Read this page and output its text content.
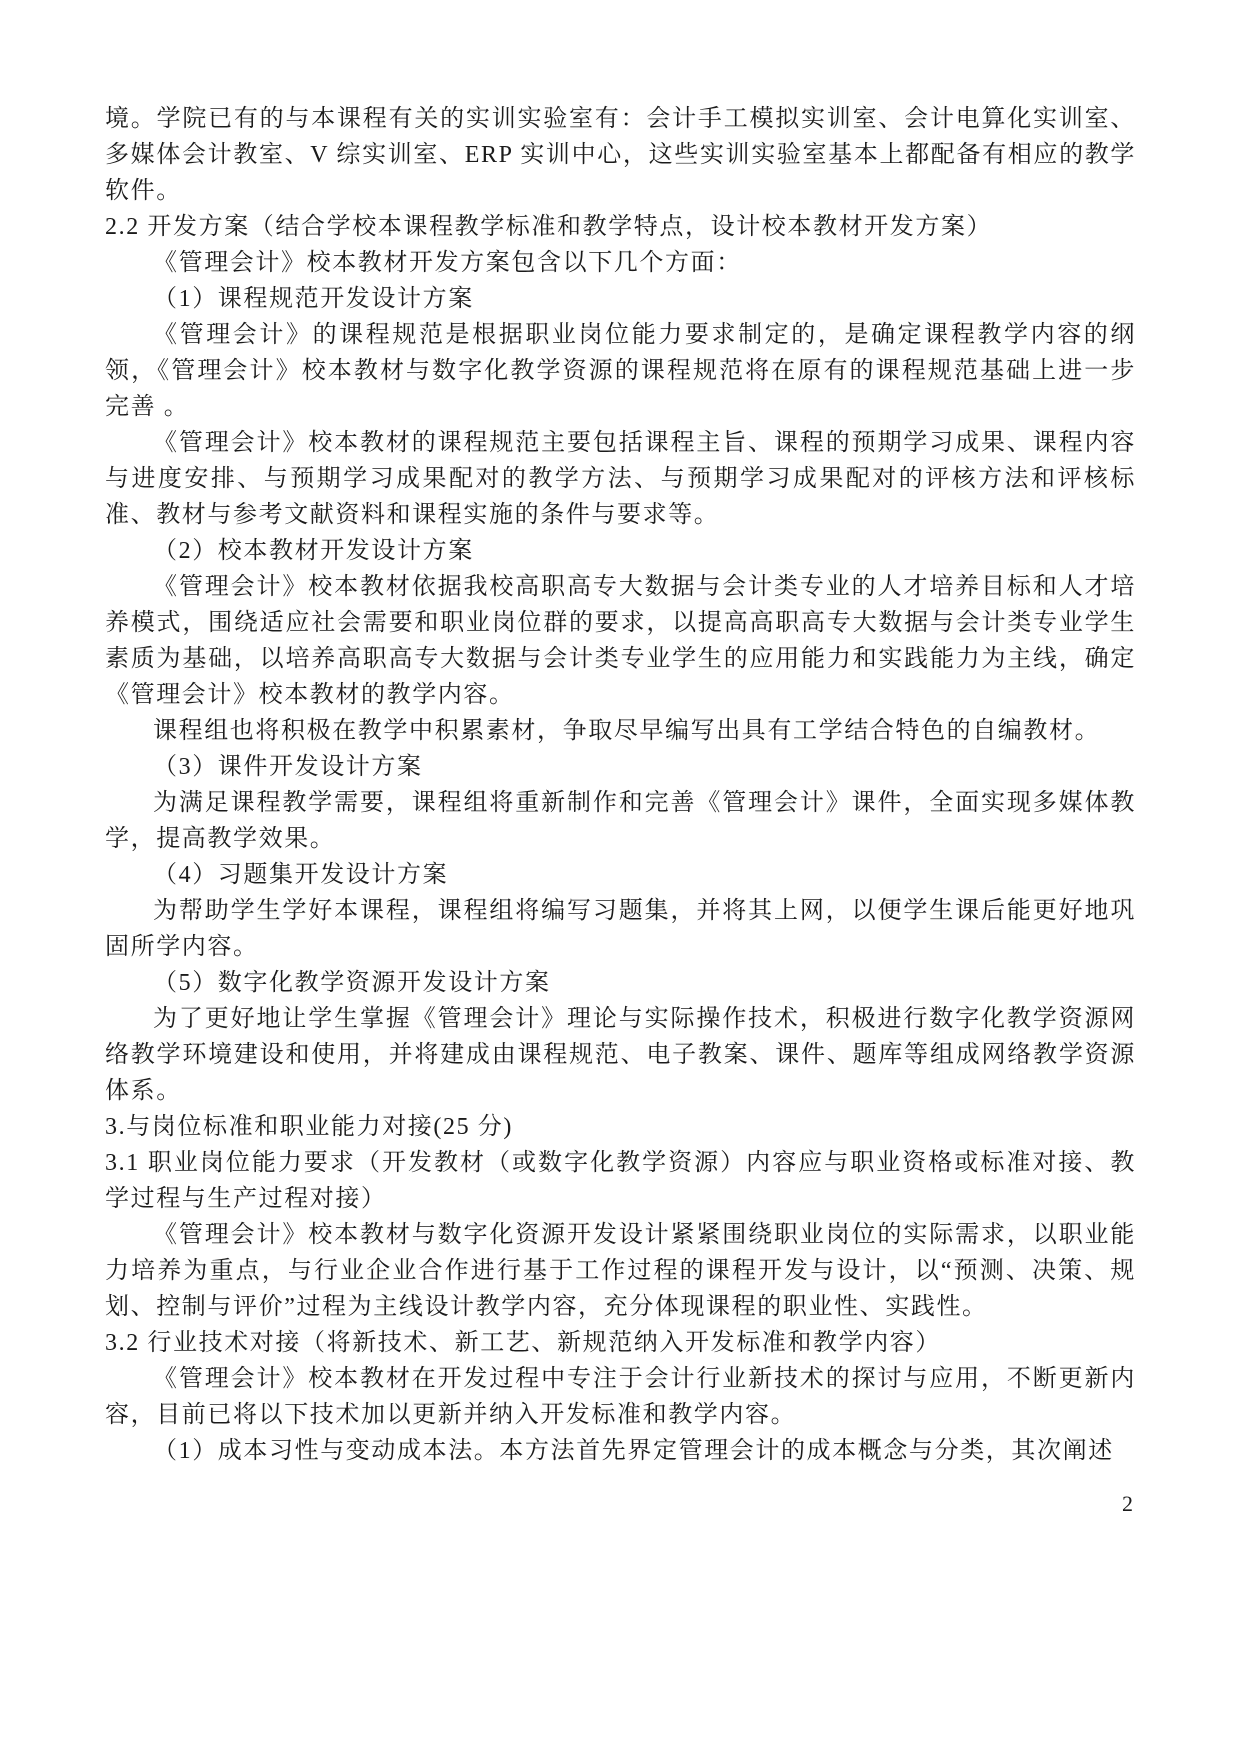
境。学院已有的与本课程有关的实训实验室有：会计手工模拟实训室、会计电算化实训室、多媒体会计教室、V 综实训室、ERP 实训中心，这些实训实验室基本上都配备有相应的教学软件。

2.2 开发方案（结合学校本课程教学标准和教学特点，设计校本教材开发方案）

《管理会计》校本教材开发方案包含以下几个方面：

（1）课程规范开发设计方案

《管理会计》的课程规范是根据职业岗位能力要求制定的，是确定课程教学内容的纲领，《管理会计》校本教材与数字化教学资源的课程规范将在原有的课程规范基础上进一步完善 。

《管理会计》校本教材的课程规范主要包括课程主旨、课程的预期学习成果、课程内容与进度安排、与预期学习成果配对的教学方法、与预期学习成果配对的评核方法和评核标准、教材与参考文献资料和课程实施的条件与要求等。

（2）校本教材开发设计方案

《管理会计》校本教材依据我校高职高专大数据与会计类专业的人才培养目标和人才培养模式，围绕适应社会需要和职业岗位群的要求，以提高高职高专大数据与会计类专业学生素质为基础，以培养高职高专大数据与会计类专业学生的应用能力和实践能力为主线，确定《管理会计》校本教材的教学内容。

课程组也将积极在教学中积累素材，争取尽早编写出具有工学结合特色的自编教材。

（3）课件开发设计方案

为满足课程教学需要，课程组将重新制作和完善《管理会计》课件，全面实现多媒体教学，提高教学效果。

（4）习题集开发设计方案

为帮助学生学好本课程，课程组将编写习题集，并将其上网，以便学生课后能更好地巩固所学内容。

（5）数字化教学资源开发设计方案

为了更好地让学生掌握《管理会计》理论与实际操作技术，积极进行数字化教学资源网络教学环境建设和使用，并将建成由课程规范、电子教案、课件、题库等组成网络教学资源体系。

3.与岗位标准和职业能力对接(25 分)

3.1 职业岗位能力要求（开发教材（或数字化教学资源）内容应与职业资格或标准对接、教学过程与生产过程对接）

《管理会计》校本教材与数字化资源开发设计紧紧围绕职业岗位的实际需求，以职业能力培养为重点，与行业企业合作进行基于工作过程的课程开发与设计，以“预测、决策、规划、控制与评价”过程为主线设计教学内容，充分体现课程的职业性、实践性。

3.2 行业技术对接（将新技术、新工艺、新规范纳入开发标准和教学内容）

《管理会计》校本教材在开发过程中专注于会计行业新技术的探讨与应用，不断更新内容，目前已将以下技术加以更新并纳入开发标准和教学内容。

（1）成本习性与变动成本法。本方法首先界定管理会计的成本概念与分类，其次阐述

2
